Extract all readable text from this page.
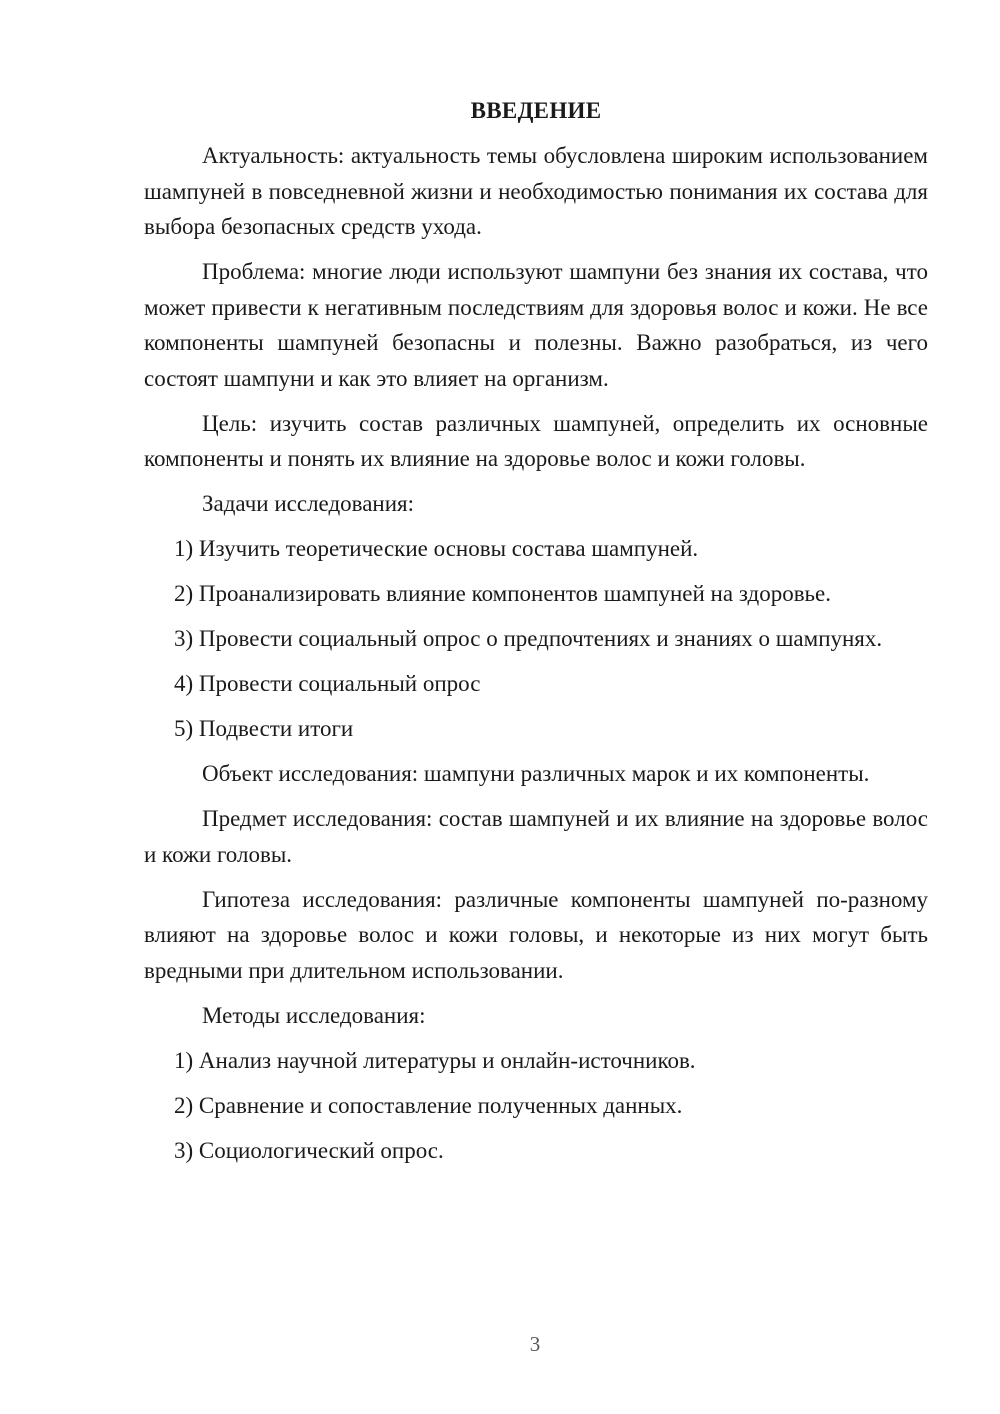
ВВЕДЕНИЕ

Актуальность: актуальность темы обусловлена широким использованием шампуней в повседневной жизни и необходимостью понимания их состава для выбора безопасных средств ухода.

Проблема: многие люди используют шампуни без знания их состава, что может привести к негативным последствиям для здоровья волос и кожи. Не все компоненты шампуней безопасны и полезны. Важно разобраться, из чего состоят шампуни и как это влияет на организм.

Цель: изучить состав различных шампуней, определить их основные компоненты и понять их влияние на здоровье волос и кожи головы.

Задачи исследования:

1) Изучить теоретические основы состава шампуней.

2) Проанализировать влияние компонентов шампуней на здоровье.

3) Провести социальный опрос о предпочтениях и знаниях о шампунях.

4) Провести социальный опрос

5) Подвести итоги

Объект исследования: шампуни различных марок и их компоненты.

Предмет исследования: состав шампуней и их влияние на здоровье волос и кожи головы.

Гипотеза исследования: различные компоненты шампуней по-разному влияют на здоровье волос и кожи головы, и некоторые из них могут быть вредными при длительном использовании.

Методы исследования:

1) Анализ научной литературы и онлайн-источников.

2) Сравнение и сопоставление полученных данных.

3) Социологический опрос.

3
